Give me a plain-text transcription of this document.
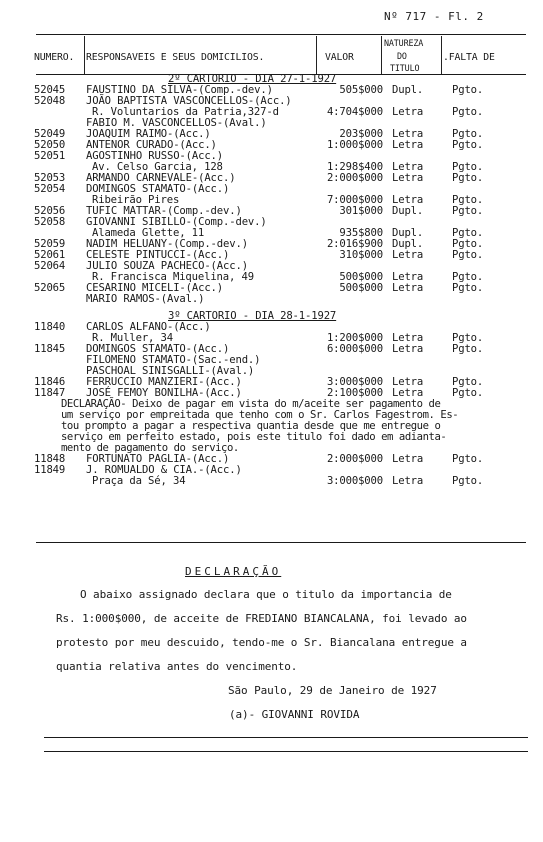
Nº 717 - Fl. 2
NUMERO. RESPONSAVEIS E SEUS DOMICILIOS.	VALOR
NATUREZA
DO
TITULO
.FALTA DE
DECLARAÇÃO
O abaixo assignado declara que o titulo da importancia de
Rs. 1:000$000, de acceite de FREDIANO BIANCALANA, foi levado ao
protesto por meu descuido, tendo-me o Sr. Biancalana entregue a
quantia relativa antes do vencimento.
São Paulo, 29 de Janeiro de 1927
(a)- GIOVANNI ROVIDA
2º CARTORIO - DIA 27-1-1927
52045 FAUSTINO DA SILVA-(Comp.-dev.)	505$000 Dupl.	Pgto.
52048 JOÃO BAPTISTA VASCONCELLOS-(Acc.)
R. Voluntarios da Patria,327-d	4:704$000 Letra	Pgto.
FABIO M. VASCONCELLOS-(Aval.)
52049 JOAQUIM RAIMO-(Acc.)	203$000 Letra	Pgto.
52050 ANTENOR CURADO-(Acc.)	1:000$000 Letra	Pgto.
52051 AGOSTINHO RUSSO-(Acc.)
Av. Celso Garcia, 128	1:298$400 Letra	Pgto.
52053 ARMANDO CARNEVALE-(Acc.)	2:000$000 Letra	Pgto.
52054 DOMINGOS STAMATO-(Acc.)
Ribeirão Pires	7:000$000 Letra	Pgto.
52056 TUFIC MATTAR-(Comp.-dev.)	301$000 Dupl.	Pgto.
52058 GIOVANNI SIBILLO-(Comp.-dev.)
Alameda Glette, 11	935$800 Dupl.	Pgto.
52059 NADIM HELUANY-(Comp.-dev.)	2:016$900 Dupl.	Pgto.
52061 CELESTE PINTUCCI-(Acc.)	310$000 Letra	Pgto.
52064 JULIO SOUZA PACHECO-(Acc.)
R. Francisca Miquelina, 49	500$000 Letra	Pgto.
52065 CESARINO MICELI-(Acc.)	500$000 Letra	Pgto.
MARIO RAMOS-(Aval.)
3º CARTORIO - DIA 28-1-1927
11840 CARLOS ALFANO-(Acc.)
R. Muller, 34	1:200$000 Letra	Pgto.
11845 DOMINGOS STAMATO-(Acc.)	6:000$000 Letra	Pgto.
FILOMENO STAMATO-(Sac.-end.)
PASCHOAL SINISGALLI-(Aval.)
11846 FERRUCCIO MANZIERI-(Acc.)	3:000$000 Letra	Pgto.
11847 JOSÉ FEMOY BONILHA-(Acc.)	2:100$000 Letra	Pgto.
DECLARAÇÃO- Deixo de pagar em vista do m/aceite ser pagamento de
um serviço por empreitada que tenho com o Sr. Carlos Fagestrom. Es-
tou prompto a pagar a respectiva quantia desde que me entregue o
serviço em perfeito estado, pois este titulo foi dado em adianta-
mento de pagamento do serviço.
11848 FORTUNATO PAGLIA-(Acc.)	2:000$000 Letra	Pgto.
11849 J. ROMUALDO & CIA.-(Acc.)
Praça da Sé, 34	3:000$000 Letra	Pgto.
